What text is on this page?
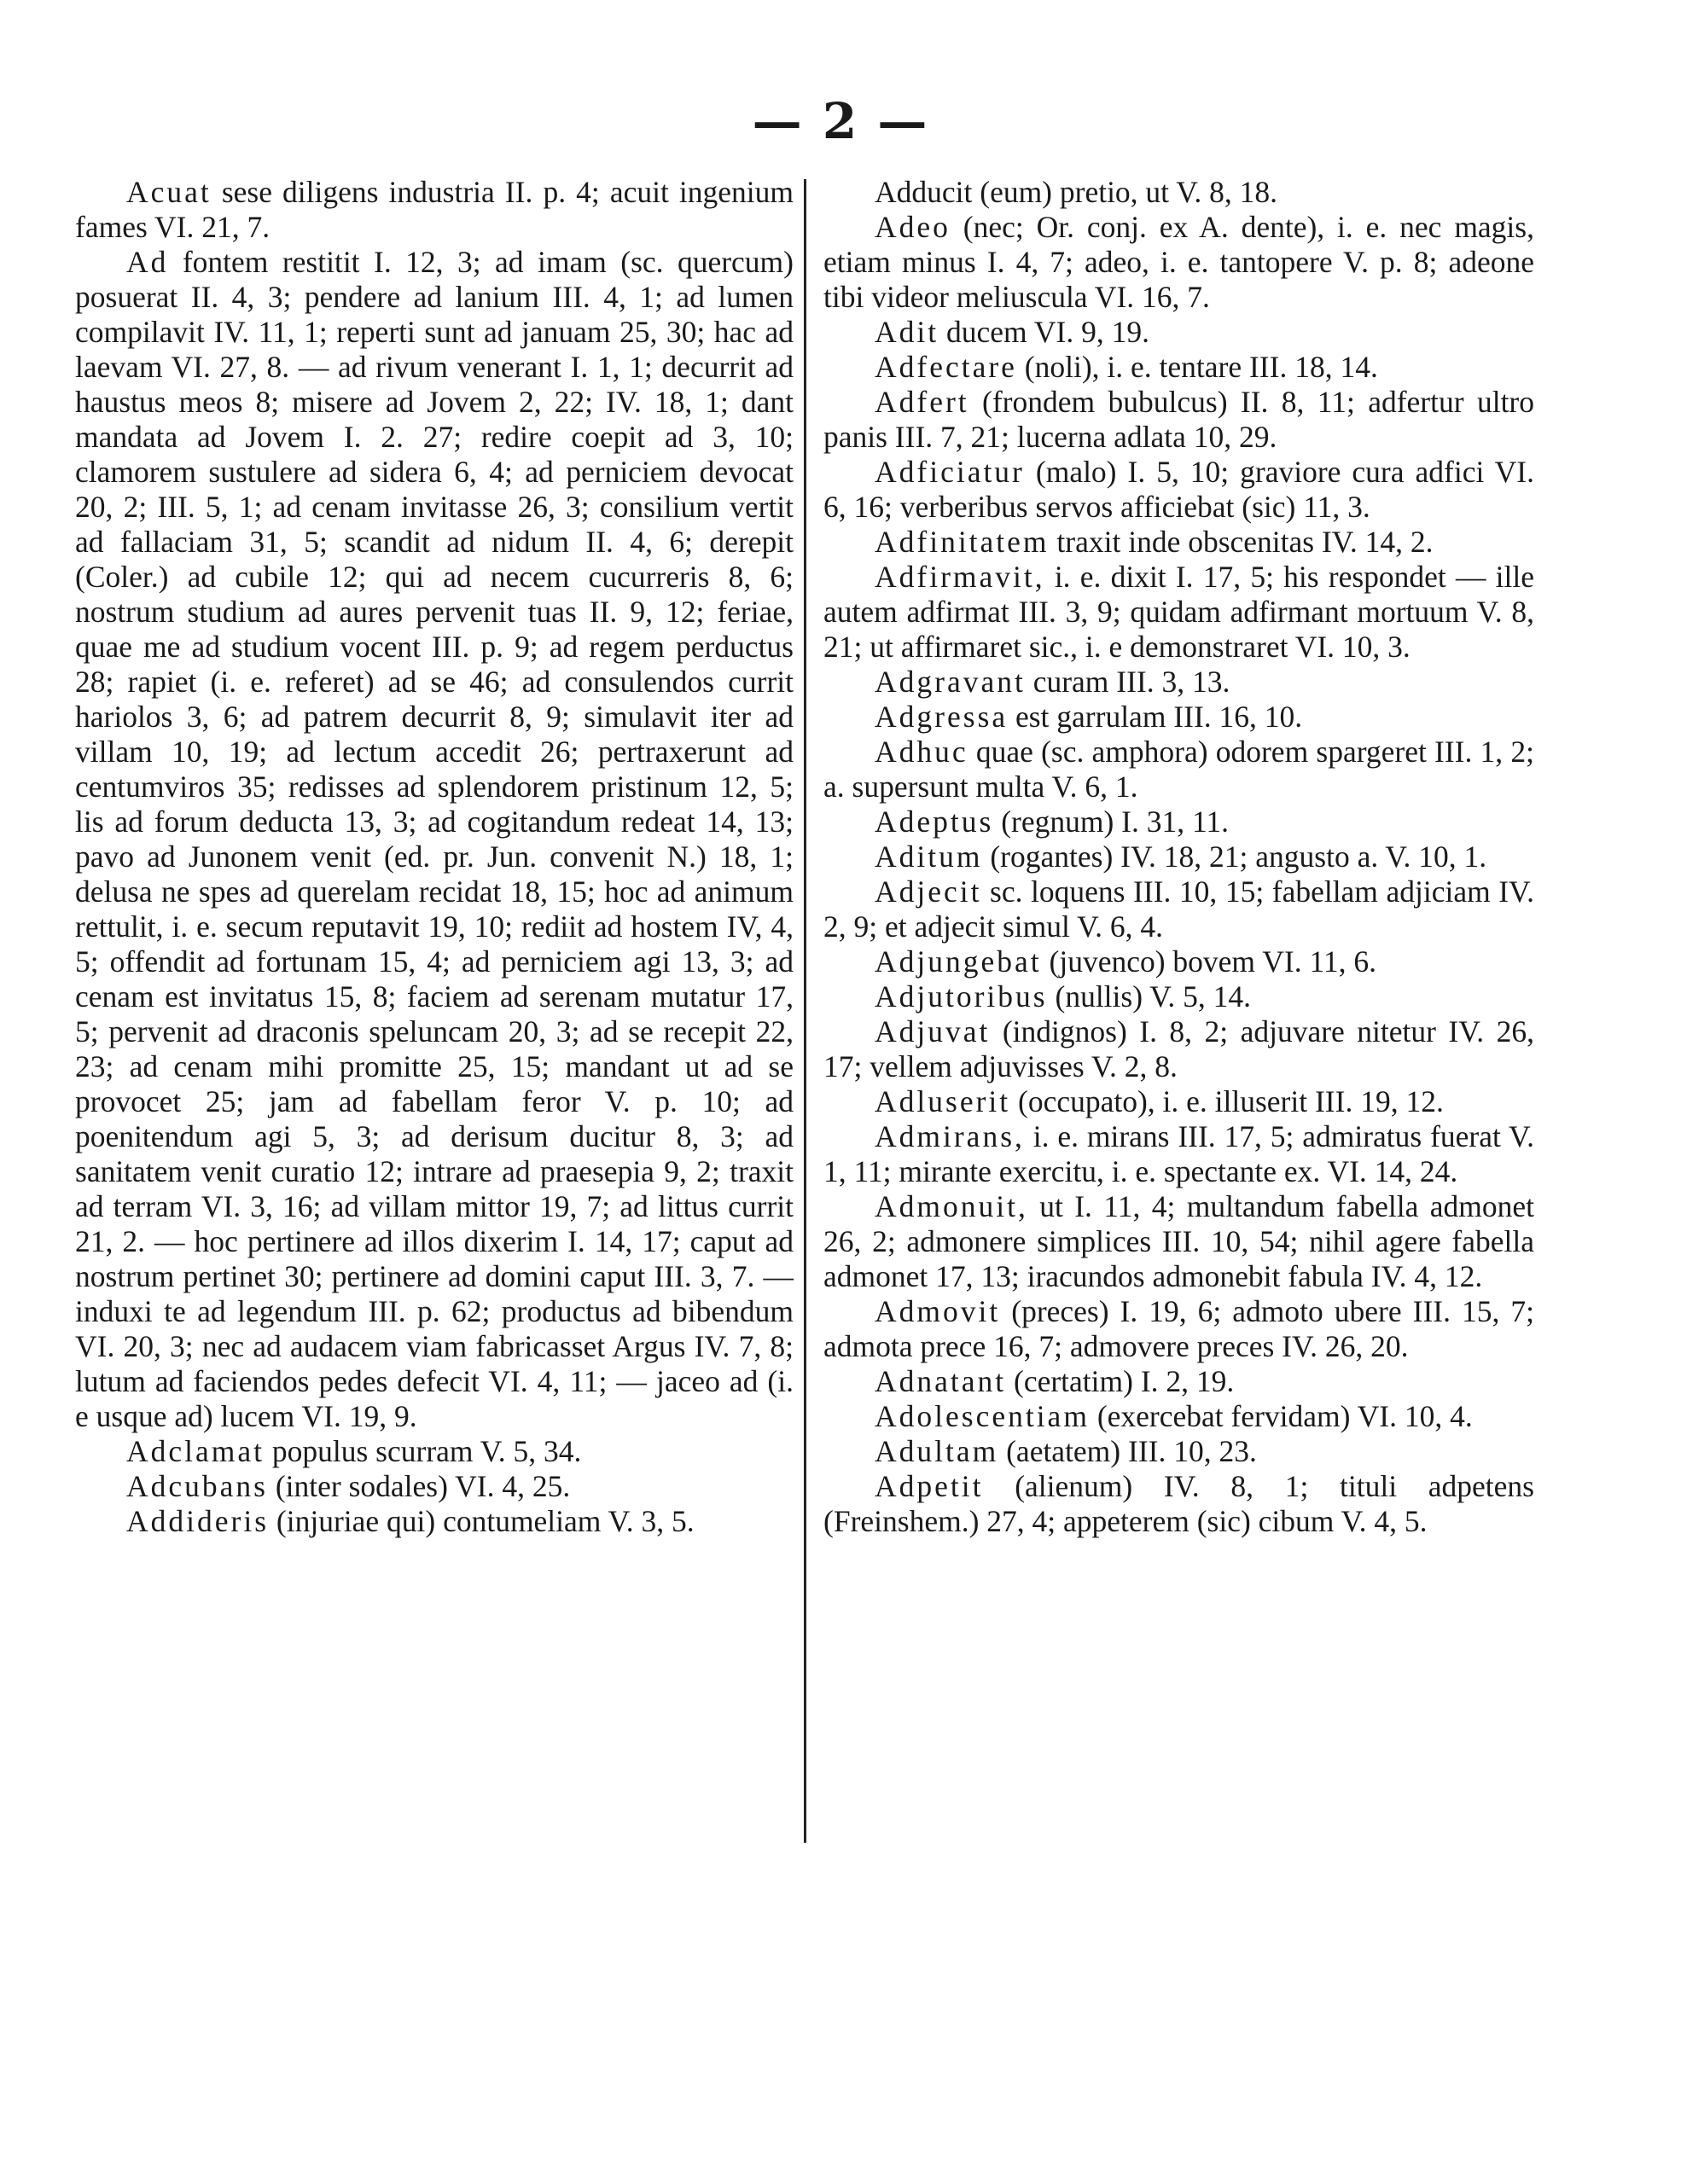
— 2 —

Acuat sese diligens industria II. p. 4; acuit ingenium fames VI. 21, 7.

Ad fontem restitit I. 12, 3; ad imam (sc. quercum) posuerat II. 4, 3; pendere ad lanium III. 4, 1; ad lumen compilavit IV. 11, 1; reperti sunt ad januam 25, 30; hac ad laevam VI. 27, 8. — ad rivum venerant I. 1, 1; decurrit ad haustus meos 8; misere ad Jovem 2, 22; IV. 18, 1; dant mandata ad Jovem I. 2. 27; redire coepit ad 3, 10; clamorem sustulere ad sidera 6, 4; ad perniciem devocat 20, 2; III. 5, 1; ad cenam invitasse 26, 3; consilium vertit ad fallaciam 31, 5; scandit ad nidum II. 4, 6; derepit (Coler.) ad cubile 12; qui ad necem cucurreris 8, 6; nostrum studium ad aures pervenit tuas II. 9, 12; feriae, quae me ad studium vocent III. p. 9; ad regem perductus 28; rapiet (i. e. referet) ad se 46; ad consulendos currit hariolos 3, 6; ad patrem decurrit 8, 9; simulavit iter ad villam 10, 19; ad lectum accedit 26; pertraxerunt ad centumviros 35; redisses ad splendorem pristinum 12, 5; lis ad forum deducta 13, 3; ad cogitandum redeat 14, 13; pavo ad Junonem venit (ed. pr. Jun. convenit N.) 18, 1; delusa ne spes ad querelam recidat 18, 15; hoc ad animum rettulit, i. e. secum reputavit 19, 10; rediit ad hostem IV, 4, 5; offendit ad fortunam 15, 4; ad perniciem agi 13, 3; ad cenam est invitatus 15, 8; faciem ad serenam mutatur 17, 5; pervenit ad draconis speluncam 20, 3; ad se recepit 22, 23; ad cenam mihi promitte 25, 15; mandant ut ad se provocet 25; jam ad fabellam feror V. p. 10; ad poenitendum agi 5, 3; ad derisum ducitur 8, 3; ad sanitatem venit curatio 12; intrare ad praesepia 9, 2; traxit ad terram VI. 3, 16; ad villam mittor 19, 7; ad littus currit 21, 2. — hoc pertinere ad illos dixerim I. 14, 17; caput ad nostrum pertinet 30; pertinere ad domini caput III. 3, 7. — induxi te ad legendum III. p. 62; productus ad bibendum VI. 20, 3; nec ad audacem viam fabricasset Argus IV. 7, 8; lutum ad faciendos pedes defecit VI. 4, 11; — jaceo ad (i. e usque ad) lucem VI. 19, 9.

Adclamat populus scurram V. 5, 34.

Adcubans (inter sodales) VI. 4, 25.

Addideris (injuriae qui) contumeliam V. 3, 5.

Adducit (eum) pretio, ut V. 8, 18.

Adeo (nec; Or. conj. ex A. dente), i. e. nec magis, etiam minus I. 4, 7; adeo, i. e. tantopere V. p. 8; adeone tibi videor meliuscula VI. 16, 7.

Adit ducem VI. 9, 19.

Adfectare (noli), i. e. tentare III. 18, 14.

Adfert (frondem bubulcus) II. 8, 11; adfertur ultro panis III. 7, 21; lucerna adlata 10, 29.

Adficiatur (malo) I. 5, 10; graviore cura adfici VI. 6, 16; verberibus servos afficiebat (sic) 11, 3.

Adfinitatem traxit inde obscenitas IV. 14, 2.

Adfirmavit, i. e. dixit I. 17, 5; his respondet — ille autem adfirmat III. 3, 9; quidam adfirmant mortuum V. 8, 21; ut affirmaret sic., i. e demonstraret VI. 10, 3.

Adgravant curam III. 3, 13.

Adgressa est garrulam III. 16, 10.

Adhuc quae (sc. amphora) odorem spargeret III. 1, 2; a. supersunt multa V. 6, 1.

Adeptus (regnum) I. 31, 11.

Aditum (rogantes) IV. 18, 21; angusto a. V. 10, 1.

Adjecit sc. loquens III. 10, 15; fabellam adjiciam IV. 2, 9; et adjecit simul V. 6, 4.

Adjungebat (juvenco) bovem VI. 11, 6.

Adjutoribus (nullis) V. 5, 14.

Adjuvat (indignos) I. 8, 2; adjuvare nitetur IV. 26, 17; vellem adjuvisses V. 2, 8.

Adluserit (occupato), i. e. illuserit III. 19, 12.

Admirans, i. e. mirans III. 17, 5; admiratus fuerat V. 1, 11; mirante exercitu, i. e. spectante ex. VI. 14, 24.

Admonuit, ut I. 11, 4; multandum fabella admonet 26, 2; admonere simplices III. 10, 54; nihil agere fabella admonet 17, 13; iracundos admonebit fabula IV. 4, 12.

Admovit (preces) I. 19, 6; admoto ubere III. 15, 7; admota prece 16, 7; admovere preces IV. 26, 20.

Adnatant (certatim) I. 2, 19.

Adolescentiam (exercebat fervidam) VI. 10, 4.

Adultam (aetatem) III. 10, 23.

Adpetit (alienum) IV. 8, 1; tituli adpetens (Freinshem.) 27, 4; appeterem (sic) cibum V. 4, 5.
